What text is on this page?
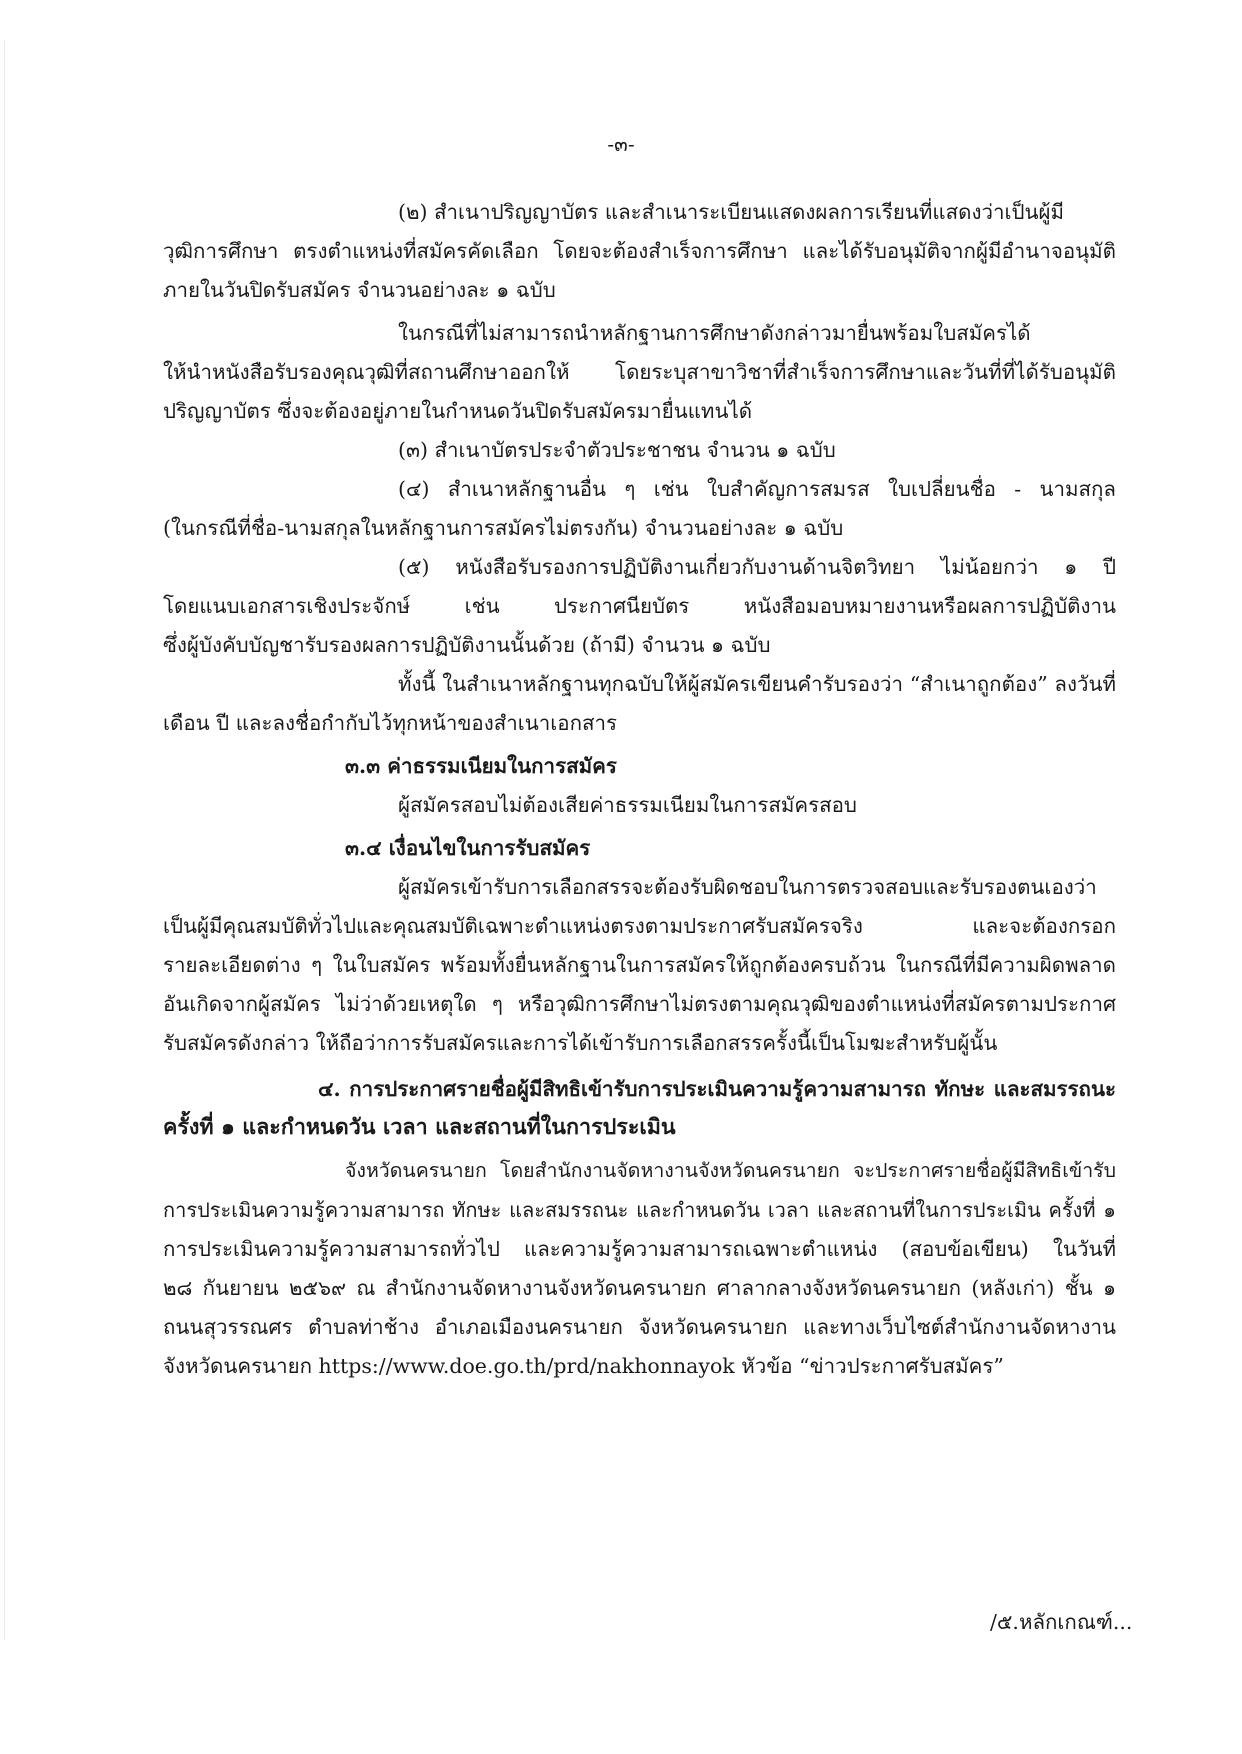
-๓-
(๒) สำเนาปริญญาบัตร และสำเนาระเบียนแสดงผลการเรียนที่แสดงว่าเป็นผู้มี
วุฒิการศึกษา ตรงตำแหน่งที่สมัครคัดเลือก โดยจะต้องสำเร็จการศึกษา และได้รับอนุมัติจากผู้มีอำนาจอนุมัติ
ภายในวันปิดรับสมัคร จำนวนอย่างละ ๑ ฉบับ
ในกรณีที่ไม่สามารถนำหลักฐานการศึกษาดังกล่าวมายื่นพร้อมใบสมัครได้
ให้นำหนังสือรับรองคุณวุฒิที่สถานศึกษาออกให้ โดยระบุสาขาวิชาที่สำเร็จการศึกษาและวันที่ที่ได้รับอนุมัติ
ปริญญาบัตร ซึ่งจะต้องอยู่ภายในกำหนดวันปิดรับสมัครมายื่นแทนได้
(๓) สำเนาบัตรประจำตัวประชาชน จำนวน ๑ ฉบับ
(๔) สำเนาหลักฐานอื่น ๆ เช่น ใบสำคัญการสมรส ใบเปลี่ยนชื่อ - นามสกุล
(ในกรณีที่ชื่อ-นามสกุลในหลักฐานการสมัครไม่ตรงกัน) จำนวนอย่างละ ๑ ฉบับ
(๕) หนังสือรับรองการปฏิบัติงานเกี่ยวกับงานด้านจิตวิทยา ไม่น้อยกว่า ๑ ปี
โดยแนบเอกสารเชิงประจักษ์ เช่น ประกาศนียบัตร หนังสือมอบหมายงานหรือผลการปฏิบัติงาน
ซึ่งผู้บังคับบัญชารับรองผลการปฏิบัติงานนั้นด้วย (ถ้ามี) จำนวน ๑ ฉบับ
ทั้งนี้ ในสำเนาหลักฐานทุกฉบับให้ผู้สมัครเขียนคำรับรองว่า “สำเนาถูกต้อง” ลงวันที่
เดือน ปี และลงชื่อกำกับไว้ทุกหน้าของสำเนาเอกสาร
๓.๓ ค่าธรรมเนียมในการสมัคร
ผู้สมัครสอบไม่ต้องเสียค่าธรรมเนียมในการสมัครสอบ
๓.๔ เงื่อนไขในการรับสมัคร
ผู้สมัครเข้ารับการเลือกสรรจะต้องรับผิดชอบในการตรวจสอบและรับรองตนเองว่า
เป็นผู้มีคุณสมบัติทั่วไปและคุณสมบัติเฉพาะตำแหน่งตรงตามประกาศรับสมัครจริง และจะต้องกรอก
รายละเอียดต่าง ๆ ในใบสมัคร พร้อมทั้งยื่นหลักฐานในการสมัครให้ถูกต้องครบถ้วน ในกรณีที่มีความผิดพลาด
อันเกิดจากผู้สมัคร ไม่ว่าด้วยเหตุใด ๆ หรือวุฒิการศึกษาไม่ตรงตามคุณวุฒิของตำแหน่งที่สมัครตามประกาศ
รับสมัครดังกล่าว ให้ถือว่าการรับสมัครและการได้เข้ารับการเลือกสรรครั้งนี้เป็นโมฆะสำหรับผู้นั้น
๔. การประกาศรายชื่อผู้มีสิทธิเข้ารับการประเมินความรู้ความสามารถ ทักษะ และสมรรถนะ
ครั้งที่ ๑ และกำหนดวัน เวลา และสถานที่ในการประเมิน
จังหวัดนครนายก โดยสำนักงานจัดหางานจังหวัดนครนายก จะประกาศรายชื่อผู้มีสิทธิเข้ารับ
การประเมินความรู้ความสามารถ ทักษะ และสมรรถนะ และกำหนดวัน เวลา และสถานที่ในการประเมิน ครั้งที่ ๑
การประเมินความรู้ความสามารถทั่วไป และความรู้ความสามารถเฉพาะตำแหน่ง (สอบข้อเขียน) ในวันที่
๒๘ กันยายน ๒๕๖๙ ณ สำนักงานจัดหางานจังหวัดนครนายก ศาลากลางจังหวัดนครนายก (หลังเก่า) ชั้น ๑
ถนนสุวรรณศร ตำบลท่าช้าง อำเภอเมืองนครนายก จังหวัดนครนายก และทางเว็บไซต์สำนักงานจัดหางาน
จังหวัดนครนายก https://www.doe.go.th/prd/nakhonnayok หัวข้อ “ข่าวประกาศรับสมัคร”
/๕.หลักเกณฑ์...
